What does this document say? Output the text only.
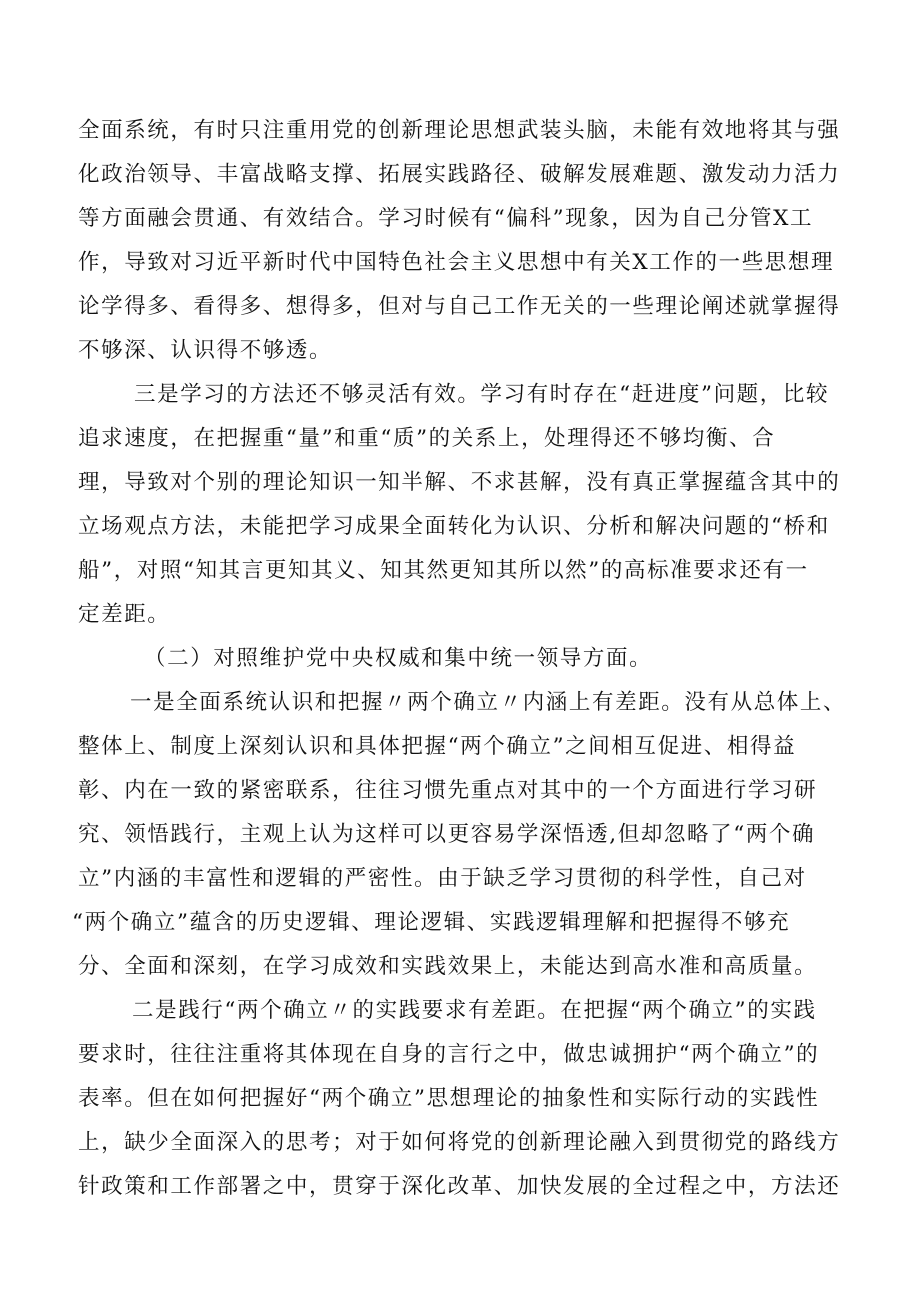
全面系统，有时只注重用党的创新理论思想武装头脑，未能有效地将其与强
化政治领导、丰富战略支撑、拓展实践路径、破解发展难题、激发动力活力
等方面融会贯通、有效结合。学习时候有“偏科”现象，因为自己分管X工
作，导致对习近平新时代中国特色社会主义思想中有关X工作的一些思想理
论学得多、看得多、想得多，但对与自己工作无关的一些理论阐述就掌握得
不够深、认识得不够透。
三是学习的方法还不够灵活有效。学习有时存在“赶进度”问题，比较
追求速度，在把握重“量”和重“质”的关系上，处理得还不够均衡、合
理，导致对个别的理论知识一知半解、不求甚解，没有真正掌握蕴含其中的
立场观点方法，未能把学习成果全面转化为认识、分析和解决问题的“桥和
船”，对照“知其言更知其义、知其然更知其所以然”的高标准要求还有一
定差距。
（二）对照维护党中央权威和集中统一领导方面。
一是全面系统认识和把握〃两个确立〃内涵上有差距。没有从总体上、
整体上、制度上深刻认识和具体把握“两个确立”之间相互促进、相得益
彰、内在一致的紧密联系，往往习惯先重点对其中的一个方面进行学习研
究、领悟践行，主观上认为这样可以更容易学深悟透,但却忽略了“两个确
立”内涵的丰富性和逻辑的严密性。由于缺乏学习贯彻的科学性，自己对
“两个确立”蕴含的历史逻辑、理论逻辑、实践逻辑理解和把握得不够充
分、全面和深刻，在学习成效和实践效果上，未能达到高水准和高质量。
二是践行“两个确立〃的实践要求有差距。在把握“两个确立”的实践
要求时，往往注重将其体现在自身的言行之中，做忠诚拥护“两个确立”的
表率。但在如何把握好“两个确立”思想理论的抽象性和实际行动的实践性
上，缺少全面深入的思考；对于如何将党的创新理论融入到贯彻党的路线方
针政策和工作部署之中，贯穿于深化改革、加快发展的全过程之中，方法还
